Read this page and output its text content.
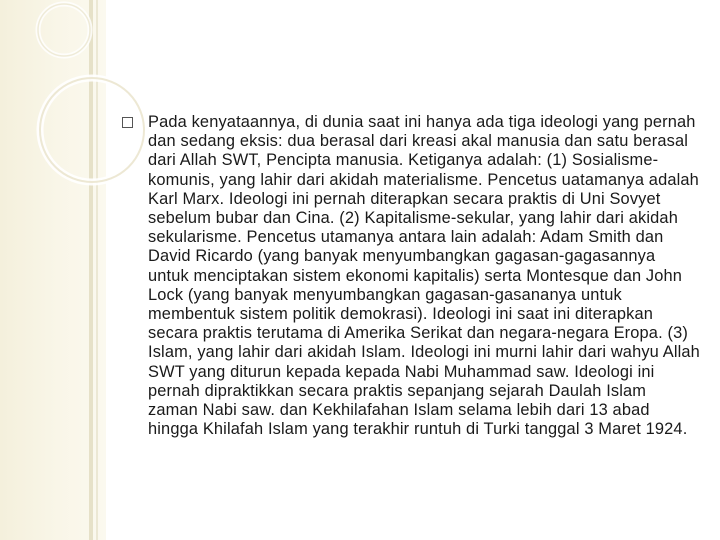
Pada kenyataannya, di dunia saat ini hanya ada tiga ideologi yang pernah dan sedang eksis: dua berasal dari kreasi akal manusia dan satu berasal dari Allah SWT, Pencipta manusia. Ketiganya adalah: (1) Sosialisme-komunis, yang lahir dari akidah materialisme. Pencetus uatamanya adalah Karl Marx. Ideologi ini pernah diterapkan secara praktis di Uni Sovyet sebelum bubar dan Cina. (2) Kapitalisme-sekular, yang lahir dari akidah sekularisme. Pencetus utamanya antara lain adalah: Adam Smith dan David Ricardo (yang banyak menyumbangkan gagasan-gagasannya untuk menciptakan sistem ekonomi kapitalis) serta Montesque dan John Lock (yang banyak menyumbangkan gagasan-gasananya untuk membentuk sistem politik demokrasi). Ideologi ini saat ini diterapkan secara praktis terutama di Amerika Serikat dan negara-negara Eropa. (3) Islam, yang lahir dari akidah Islam. Ideologi ini murni lahir dari wahyu Allah SWT yang diturun kepada kepada Nabi Muhammad saw. Ideologi ini pernah dipraktikkan secara praktis sepanjang sejarah Daulah Islam zaman Nabi saw. dan Kekhilafahan Islam selama lebih dari 13 abad hingga Khilafah Islam yang terakhir runtuh di Turki tanggal 3 Maret 1924.
